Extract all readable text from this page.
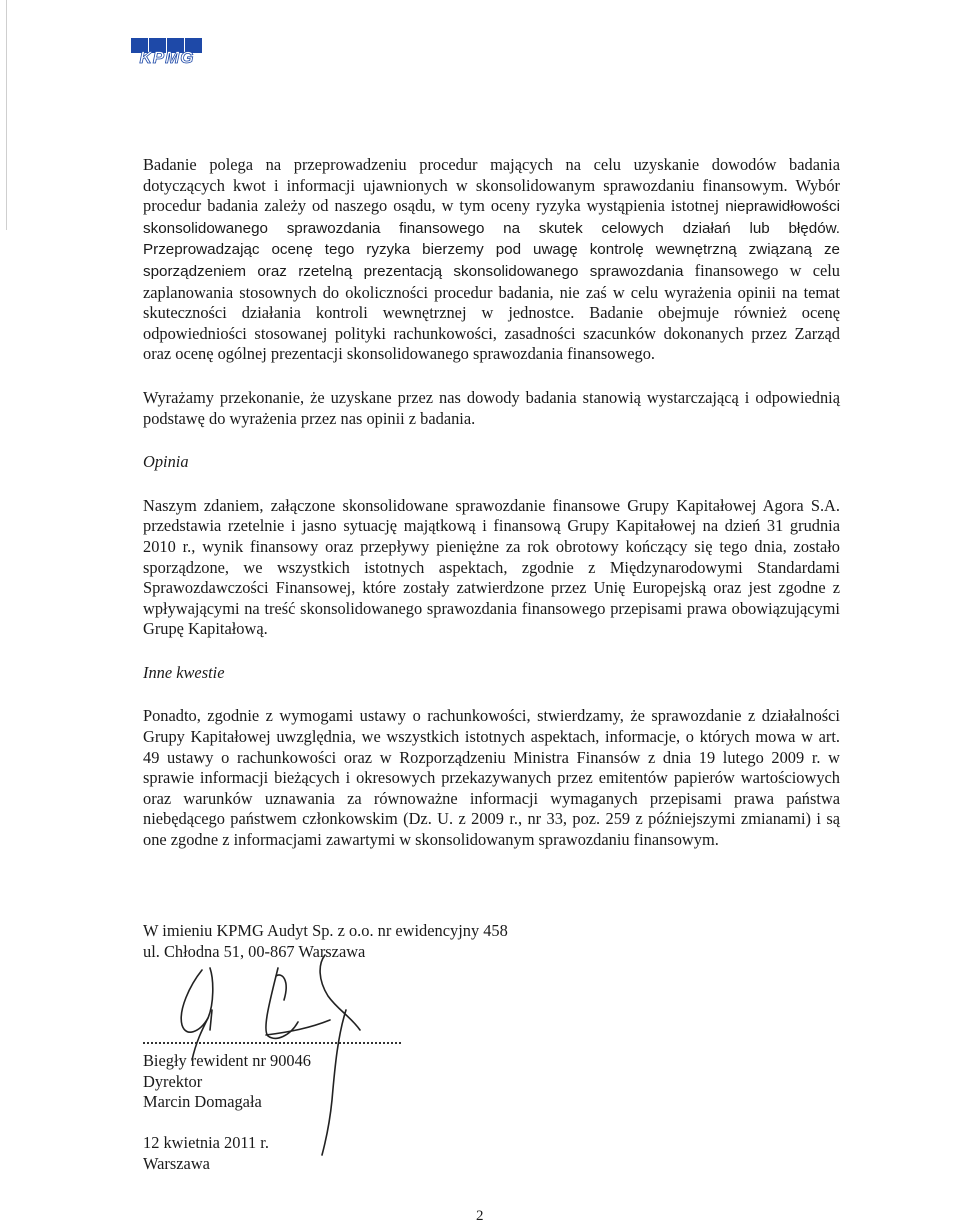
KPMG

Badanie polega na przeprowadzeniu procedur mających na celu uzyskanie dowodów badania dotyczących kwot i informacji ujawnionych w skonsolidowanym sprawozdaniu finansowym. Wybór procedur badania zależy od naszego osądu, w tym oceny ryzyka wystąpienia istotnej nieprawidłowości skonsolidowanego sprawozdania finansowego na skutek celowych działań lub błędów. Przeprowadzając ocenę tego ryzyka bierzemy pod uwagę kontrolę wewnętrzną związaną ze sporządzeniem oraz rzetelną prezentacją skonsolidowanego sprawozdania finansowego w celu zaplanowania stosownych do okoliczności procedur badania, nie zaś w celu wyrażenia opinii na temat skuteczności działania kontroli wewnętrznej w jednostce. Badanie obejmuje również ocenę odpowiedniości stosowanej polityki rachunkowości, zasadności szacunków dokonanych przez Zarząd oraz ocenę ogólnej prezentacji skonsolidowanego sprawozdania finansowego.

Wyrażamy przekonanie, że uzyskane przez nas dowody badania stanowią wystarczającą i odpowiednią podstawę do wyrażenia przez nas opinii z badania.

Opinia

Naszym zdaniem, załączone skonsolidowane sprawozdanie finansowe Grupy Kapitałowej Agora S.A. przedstawia rzetelnie i jasno sytuację majątkową i finansową Grupy Kapitałowej na dzień 31 grudnia 2010 r., wynik finansowy oraz przepływy pieniężne za rok obrotowy kończący się tego dnia, zostało sporządzone, we wszystkich istotnych aspektach, zgodnie z Międzynarodowymi Standardami Sprawozdawczości Finansowej, które zostały zatwierdzone przez Unię Europejską oraz jest zgodne z wpływającymi na treść skonsolidowanego sprawozdania finansowego przepisami prawa obowiązującymi Grupę Kapitałową.

Inne kwestie

Ponadto, zgodnie z wymogami ustawy o rachunkowości, stwierdzamy, że sprawozdanie z działalności Grupy Kapitałowej uwzględnia, we wszystkich istotnych aspektach, informacje, o których mowa w art. 49 ustawy o rachunkowości oraz w Rozporządzeniu Ministra Finansów z dnia 19 lutego 2009 r. w sprawie informacji bieżących i okresowych przekazywanych przez emitentów papierów wartościowych oraz warunków uznawania za równoważne informacji wymaganych przepisami prawa państwa niebędącego państwem członkowskim (Dz. U. z 2009 r., nr 33, poz. 259 z późniejszymi zmianami) i są one zgodne z informacjami zawartymi w skonsolidowanym sprawozdaniu finansowym.

W imieniu KPMG Audyt Sp. z o.o. nr ewidencyjny 458
ul. Chłodna 51, 00-867 Warszawa
Biegły rewident nr 90046
Dyrektor
Marcin Domagała
12 kwietnia 2011 r.
Warszawa
2
